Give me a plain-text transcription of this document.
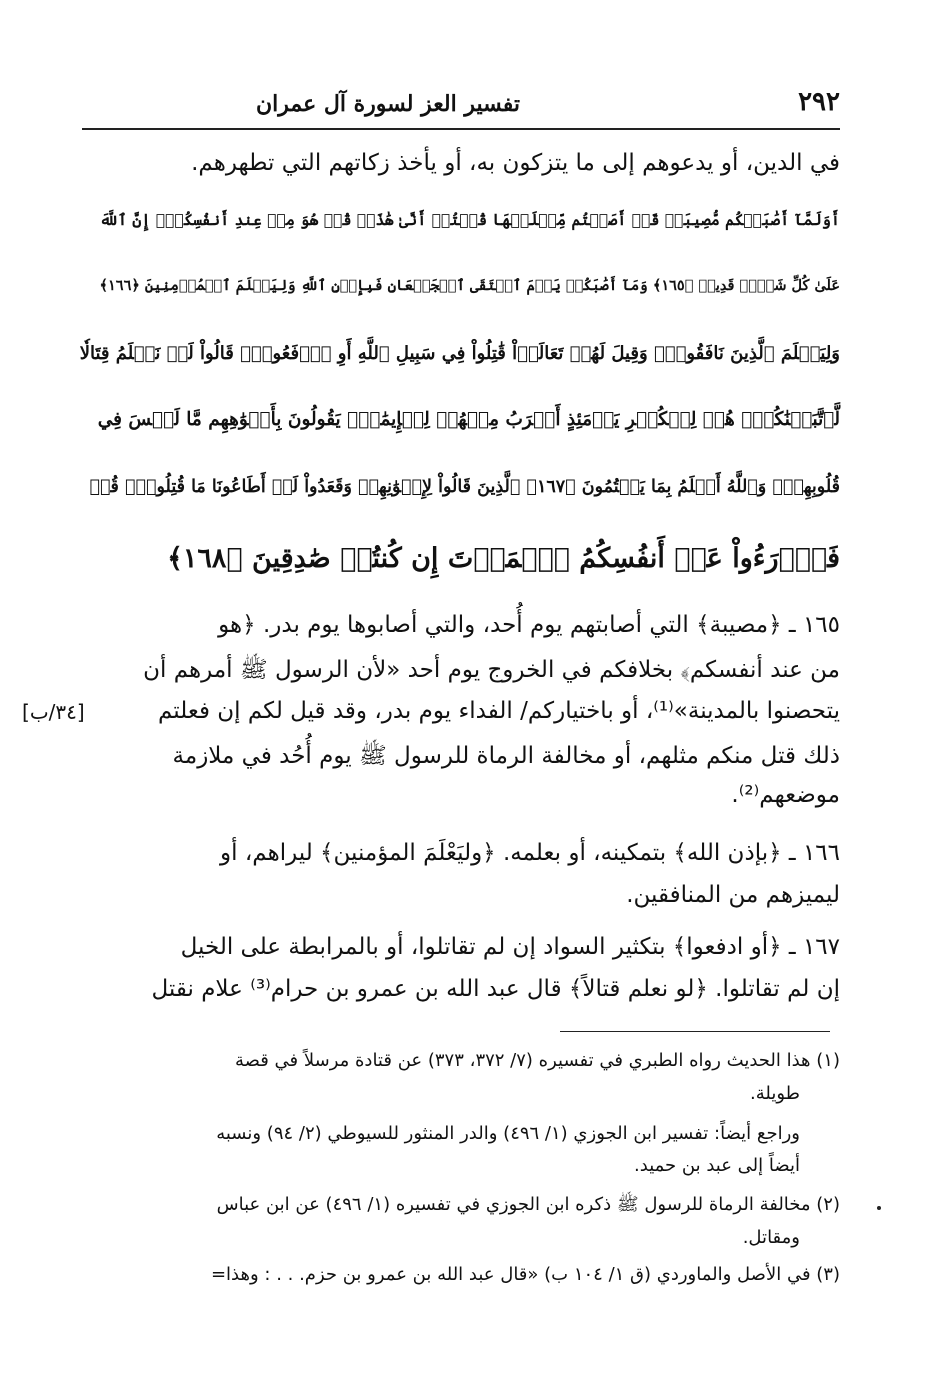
٢٩٢
تفسير العز لسورة آل عمران
في الدين، أو يدعوهم إلى ما يتزكون به، أو يأخذ زكاتهم التي تطهرهم.
أَوَلَمَّآ أَصَٰبَتۡكُم مُّصِيبَةٞ قَدۡ أَصَبۡتُم مِّثۡلَيۡهَا قُلۡتُمۡ أَنَّىٰ هَٰذَاۖ قُلۡ هُوَ مِنۡ عِندِ أَنفُسِكُمۡۗ إِنَّ ٱللَّهَ
عَلَىٰ كُلِّ شَيۡءٖ قَدِيرٞ ﴿١٦٥﴾ وَمَآ أَصَٰبَكُمۡ يَوۡمَ ٱلۡتَقَى ٱلۡجَمۡعَانِ فَبِإِذۡنِ ٱللَّهِ وَلِيَعۡلَمَ ٱلۡمُؤۡمِنِينَ ﴿١٦٦﴾
وَلِيَعۡلَمَ ٱلَّذِينَ نَافَقُواْۚ وَقِيلَ لَهُمۡ تَعَالَوۡاْ قَٰتِلُواْ فِي سَبِيلِ ٱللَّهِ أَوِ ٱدۡفَعُواْۖ قَالُواْ لَوۡ نَعۡلَمُ قِتَالٗا
لَّٱتَّبَعۡنَٰكُمۡۗ هُمۡ لِلۡكُفۡرِ يَوۡمَئِذٍ أَقۡرَبُ مِنۡهُمۡ لِلۡإِيمَٰنِۚ يَقُولُونَ بِأَفۡوَٰهِهِم مَّا لَيۡسَ فِي
قُلُوبِهِمۡۚ وَٱللَّهُ أَعۡلَمُ بِمَا يَكۡتُمُونَ ﴿١٦٧﴾ ٱلَّذِينَ قَالُواْ لِإِخۡوَٰنِهِمۡ وَقَعَدُواْ لَوۡ أَطَاعُونَا مَا قُتِلُواْۗ قُلۡ
فَٱدۡرَءُواْ عَنۡ أَنفُسِكُمُ ٱلۡمَوۡتَ إِن كُنتُمۡ صَٰدِقِينَ ﴿١٦٨﴾
١٦٥ ـ ﴿مصيبة﴾ التي أصابتهم يوم أُحد، والتي أصابوها يوم بدر. ﴿هو
من عند أنفسكم﴾ بخلافكم في الخروج يوم أحد «لأن الرسول ﷺ أمرهم أن
يتحصنوا بالمدينة»⁽¹⁾، أو باختياركم/ الفداء يوم بدر، وقد قيل لكم إن فعلتم
ذلك قتل منكم مثلهم، أو مخالفة الرماة للرسول ﷺ يوم أُحُد في ملازمة
موضعهم⁽²⁾.
١٦٦ ـ ﴿بإذن الله﴾ بتمكينه، أو بعلمه. ﴿وليَعْلَمَ المؤمنين﴾ ليراهم، أو
ليميزهم من المنافقين.
١٦٧ ـ ﴿أو ادفعوا﴾ بتكثير السواد إن لم تقاتلوا، أو بالمرابطة على الخيل
إن لم تقاتلوا. ﴿لو نعلم قتالاً﴾ قال عبد الله بن عمرو بن حرام⁽³⁾ علام نقتل
[٣٤/ب]
(١) هذا الحديث رواه الطبري في تفسيره (٧/ ٣٧٢، ٣٧٣) عن قتادة مرسلاً في قصة
طويلة.
وراجع أيضاً: تفسير ابن الجوزي (١/ ٤٩٦) والدر المنثور للسيوطي (٢/ ٩٤) ونسبه
أيضاً إلى عبد بن حميد.
(٢) مخالفة الرماة للرسول ﷺ ذكره ابن الجوزي في تفسيره (١/ ٤٩٦) عن ابن عباس
ومقاتل.
(٣) في الأصل والماوردي (ق ١/ ١٠٤ ب) «قال عبد الله بن عمرو بن حزم. . . : وهذا=
